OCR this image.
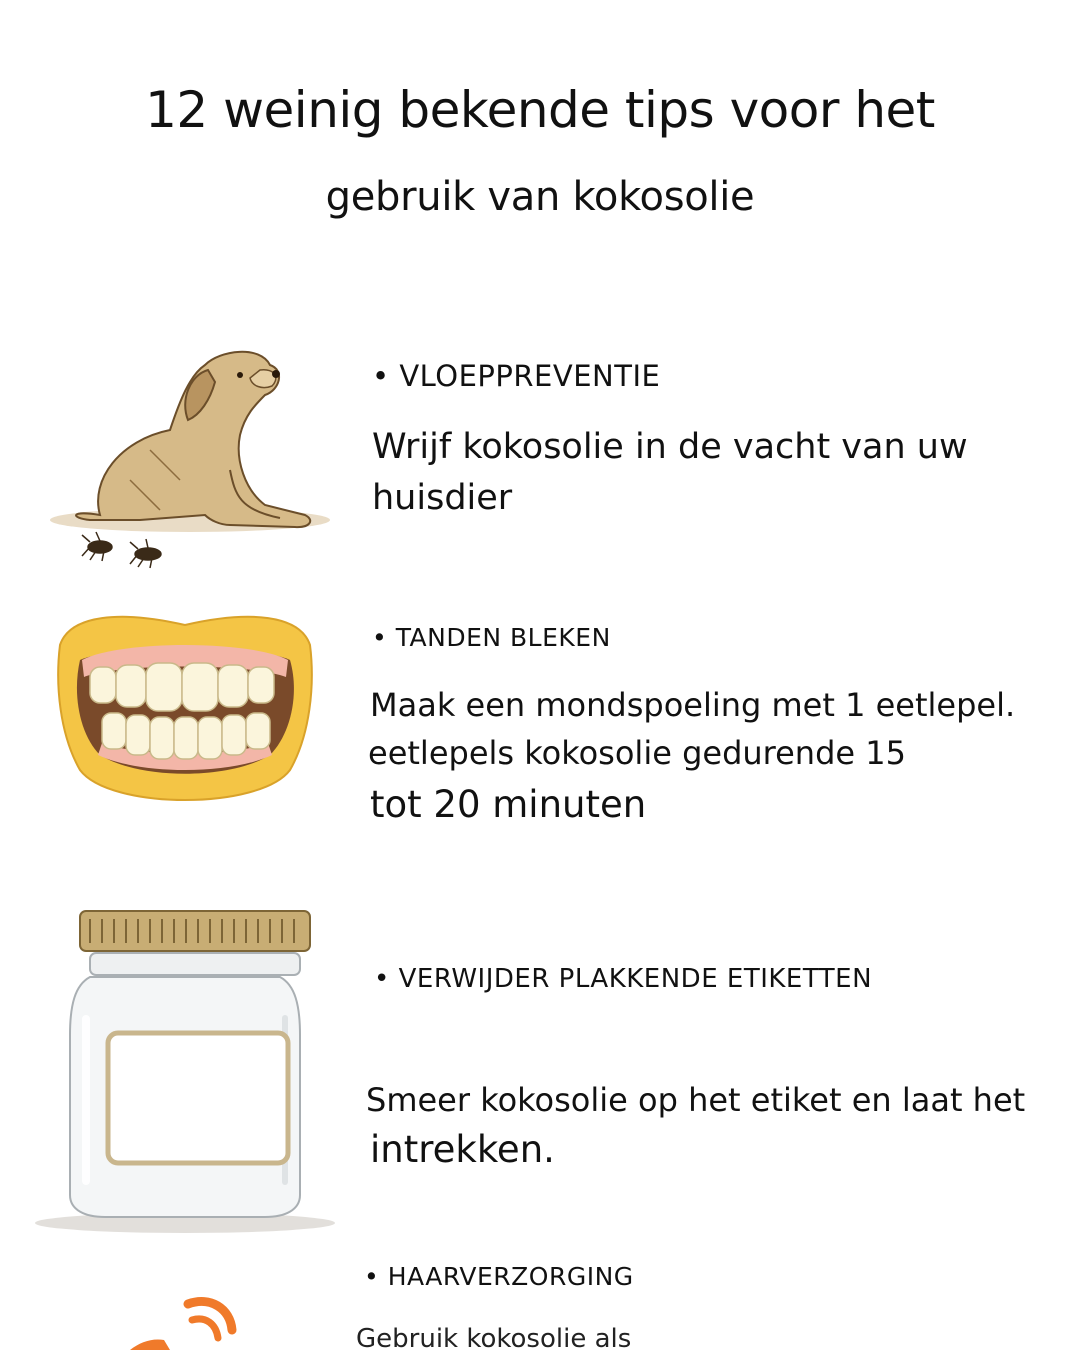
12 weinig bekende tips voor het
gebruik van kokosolie
• VLOEPPREVENTIE
Wrijf kokosolie in de vacht van uw
huisdier
• TANDEN BLEKEN
Maak een mondspoeling met 1 eetlepel.
eetlepels kokosolie gedurende 15
tot 20 minuten
• VERWIJDER PLAKKENDE ETIKETTEN
Smeer kokosolie op het etiket en laat het
intrekken.
• HAARVERZORGING
Gebruik kokosolie als
